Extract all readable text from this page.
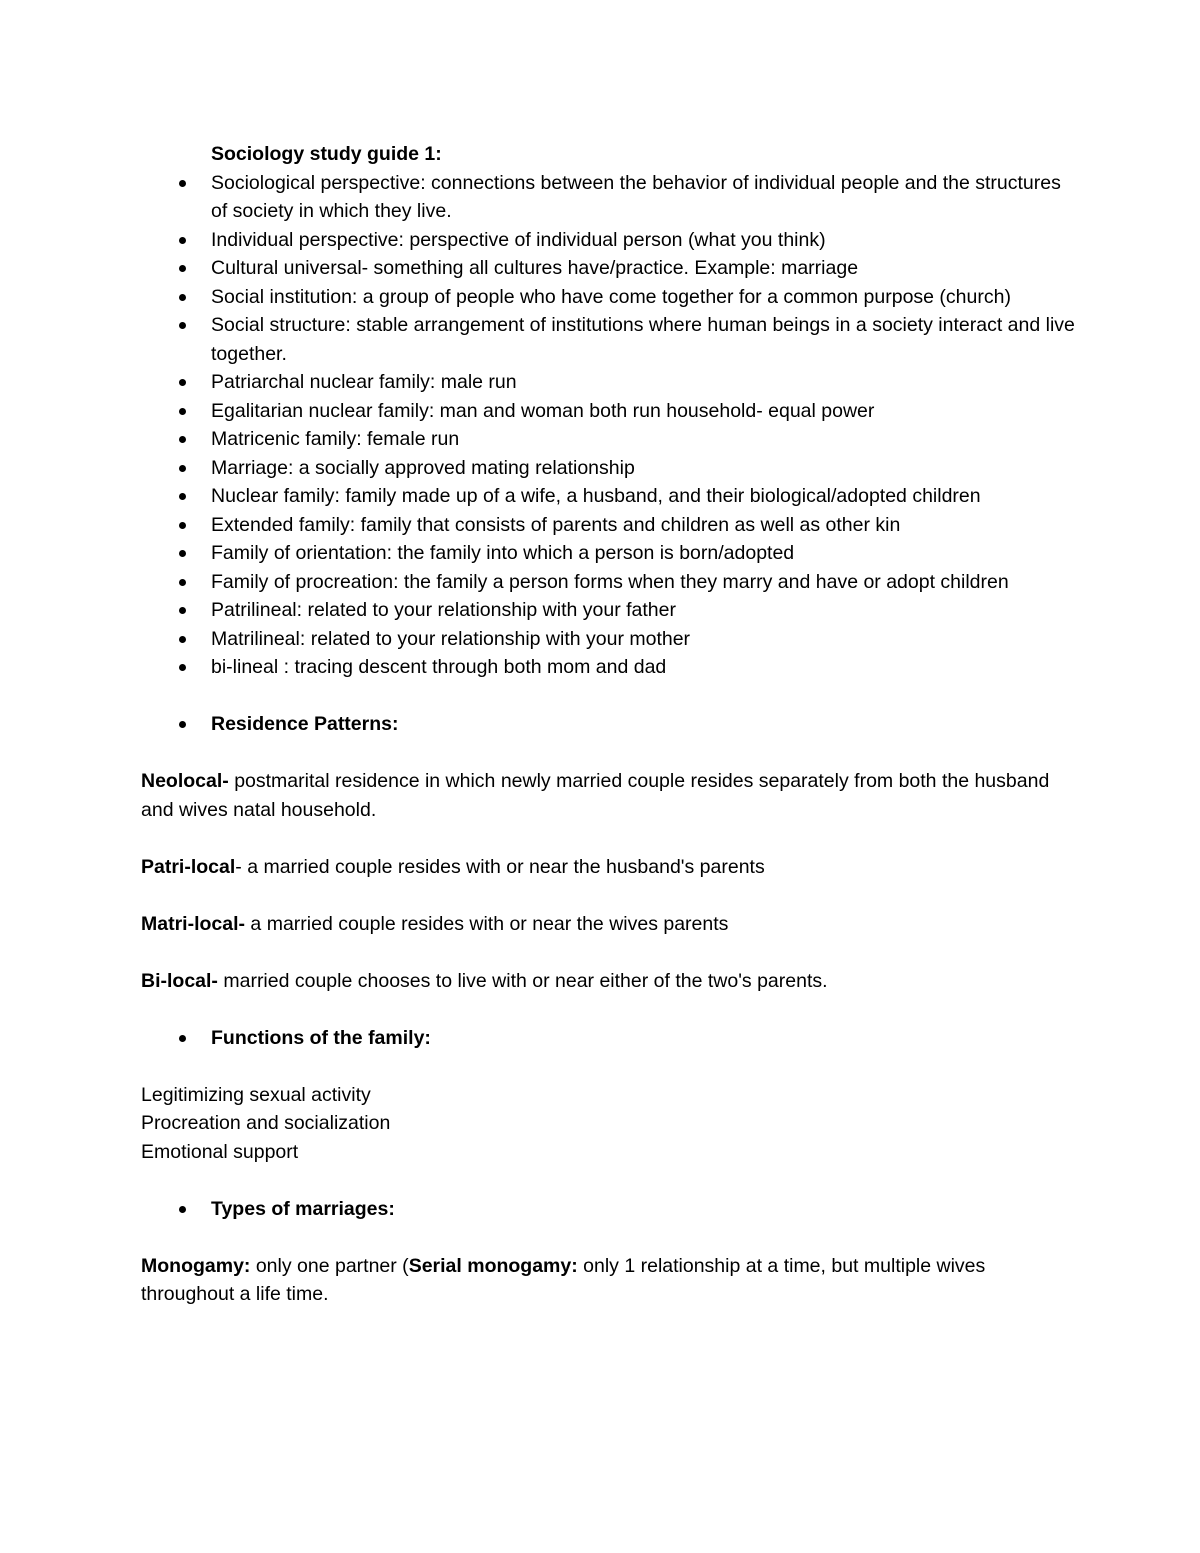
Sociology study guide 1:

Sociological perspective: connections between the behavior of individual people and the structures of society in which they live.
Individual perspective: perspective of individual person (what you think)
Cultural universal- something all cultures have/practice. Example: marriage
Social institution: a group of people who have come together for a common purpose (church)
Social structure: stable arrangement of institutions where human beings in a society interact and live together.
Patriarchal nuclear family: male run
Egalitarian nuclear family: man and woman both run household- equal power
Matricenic family: female run
Marriage: a socially approved mating relationship
Nuclear family: family made up of a wife, a husband, and their biological/adopted children
Extended family: family that consists of parents and children as well as other kin
Family of orientation: the family into which a person is born/adopted
Family of procreation: the family a person forms when they marry and have or adopt children
Patrilineal: related to your relationship with your father
Matrilineal: related to your relationship with your mother
bi-lineal : tracing descent through both mom and dad
Residence Patterns:

Neolocal- postmarital residence in which newly married couple resides separately from both the husband and wives natal household.

Patri-local- a married couple resides with or near the husband's parents

Matri-local- a married couple resides with or near the wives parents

Bi-local- married couple chooses to live with or near either of the two's parents.

Functions of the family:

Legitimizing sexual activity

Procreation and socialization

Emotional support

Types of marriages:

Monogamy: only one partner (Serial monogamy: only 1 relationship at a time, but multiple wives throughout a life time.
